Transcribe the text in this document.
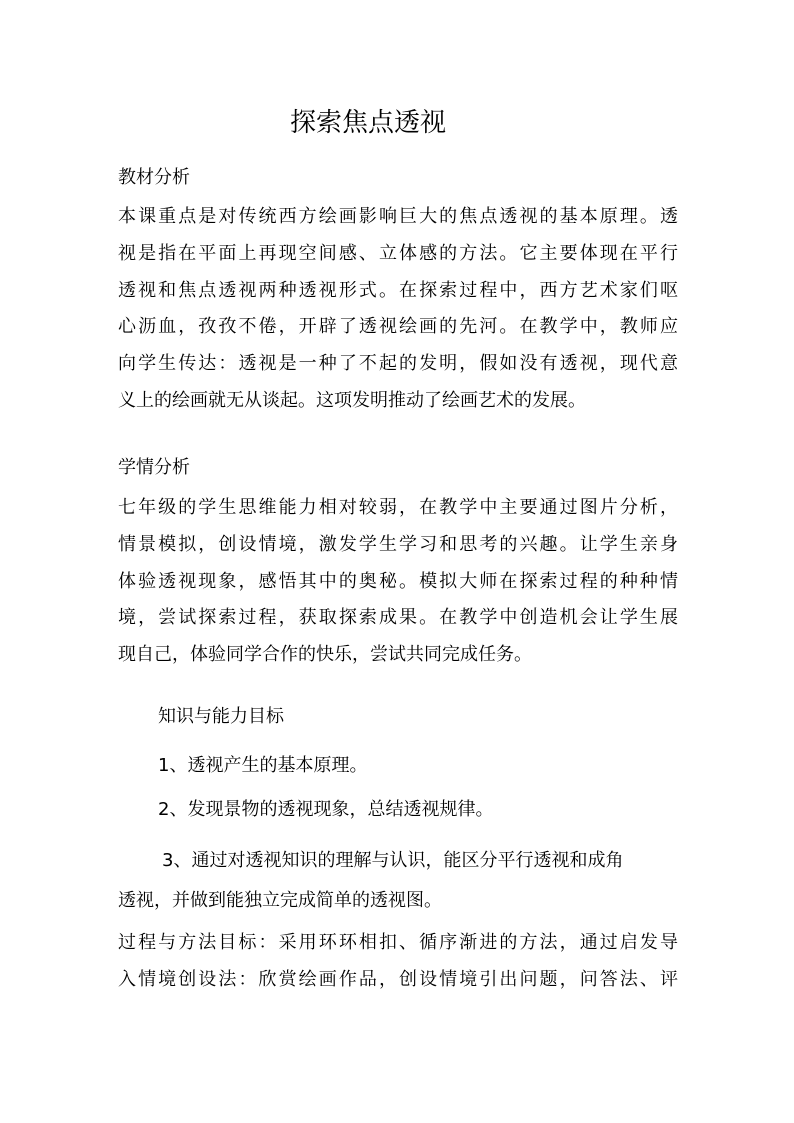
探索焦点透视
教材分析
本课重点是对传统西方绘画影响巨大的焦点透视的基本原理。透
视是指在平面上再现空间感、立体感的方法。它主要体现在平行
透视和焦点透视两种透视形式。在探索过程中，西方艺术家们呕
心沥血，孜孜不倦，开辟了透视绘画的先河。在教学中，教师应
向学生传达：透视是一种了不起的发明，假如没有透视，现代意
义上的绘画就无从谈起。这项发明推动了绘画艺术的发展。
学情分析
七年级的学生思维能力相对较弱，在教学中主要通过图片分析，
情景模拟，创设情境，激发学生学习和思考的兴趣。让学生亲身
体验透视现象，感悟其中的奥秘。模拟大师在探索过程的种种情
境，尝试探索过程，获取探索成果。在教学中创造机会让学生展
现自己，体验同学合作的快乐，尝试共同完成任务。
知识与能力目标
1、透视产生的基本原理。
2、发现景物的透视现象，总结透视规律。
3、通过对透视知识的理解与认识，能区分平行透视和成角
透视，并做到能独立完成简单的透视图。
过程与方法目标：采用环环相扣、循序渐进的方法，通过启发导
入情境创设法：欣赏绘画作品，创设情境引出问题，问答法、评
